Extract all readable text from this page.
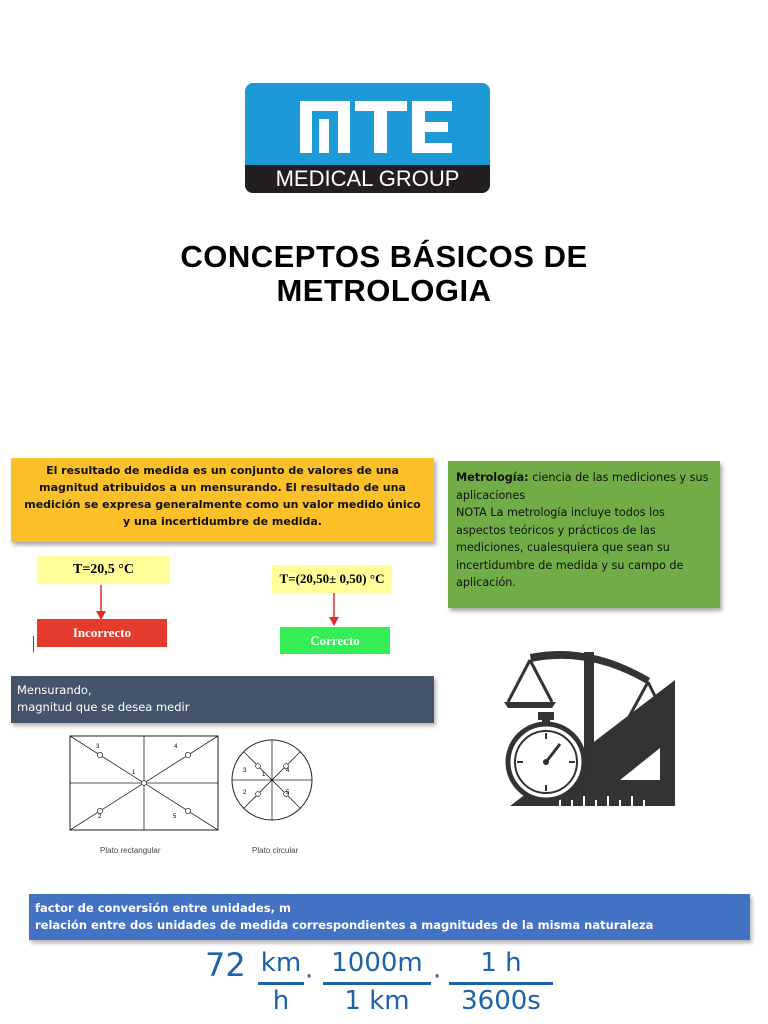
MEDICAL GROUP
CONCEPTOS BÁSICOS DE
METROLOGIA
El resultado de medida es un conjunto de valores de una magnitud atribuidos a un mensurando. El resultado de una medición se expresa generalmente como un valor medido único y una incertidumbre de medida.
Metrología: ciencia de las mediciones y sus aplicaciones
NOTA La metrología incluye todos los aspectos teóricos y prácticos de las mediciones, cualesquiera que sean su incertidumbre de medida y su campo de aplicación.
T=20,5 °C
Incorrecto
T=(20,50± 0,50) °C
Correcto
Mensurando,
magnitud que se desea medir
3	4
1
2	5
Plato rectangular
3
1
4
2	5
Plato circular
factor de conversión entre unidades, m
relación entre dos unidades de medida correspondientes a magnitudes de la misma naturaleza
72 km
h
· 1000m
1 km
·	1 h
3600s
